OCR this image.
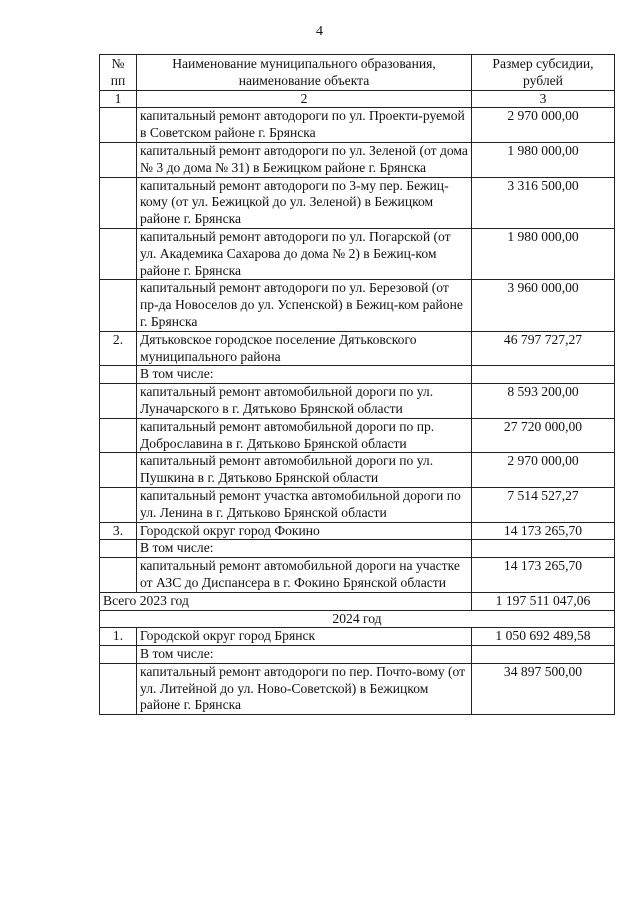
4
№ пп	Наименование муниципального образования, наименование объекта	Размер субсидии, рублей
1	2	3
	капитальный ремонт автодороги по ул. Проекти-руемой в Советском районе г. Брянска	2 970 000,00
	капитальный ремонт автодороги по ул. Зеленой (от дома № 3 до дома № 31) в Бежицком районе г. Брянска	1 980 000,00
	капитальный ремонт автодороги по 3-му пер. Бежиц-кому (от ул. Бежицкой до ул. Зеленой) в Бежицком районе г. Брянска	3 316 500,00
	капитальный ремонт автодороги по ул. Погарской (от ул. Академика Сахарова до дома № 2) в Бежиц-ком районе г. Брянска	1 980 000,00
	капитальный ремонт автодороги по ул. Березовой (от пр-да Новоселов до ул. Успенской) в Бежиц-ком районе г. Брянска	3 960 000,00
2.	Дятьковское городское поселение Дятьковского муниципального района	46 797 727,27
	В том числе:	
	капитальный ремонт автомобильной дороги по ул. Луначарского в г. Дятьково Брянской области	8 593 200,00
	капитальный ремонт автомобильной дороги по пр. Доброславина в г. Дятьково Брянской области	27 720 000,00
	капитальный ремонт автомобильной дороги по ул. Пушкина в г. Дятьково Брянской области	2 970 000,00
	капитальный ремонт участка автомобильной дороги по ул. Ленина в г. Дятьково Брянской области	7 514 527,27
3.	Городской округ город Фокино	14 173 265,70
	В том числе:	
	капитальный ремонт автомобильной дороги на участке от АЗС до Диспансера в г. Фокино Брянской области	14 173 265,70
Всего 2023 год		1 197 511 047,06
2024 год		
1.	Городской округ город Брянск	1 050 692 489,58
	В том числе:	
	капитальный ремонт автодороги по пер. Почто-вому (от ул. Литейной до ул. Ново-Советской) в Бежицком районе г. Брянска	34 897 500,00
